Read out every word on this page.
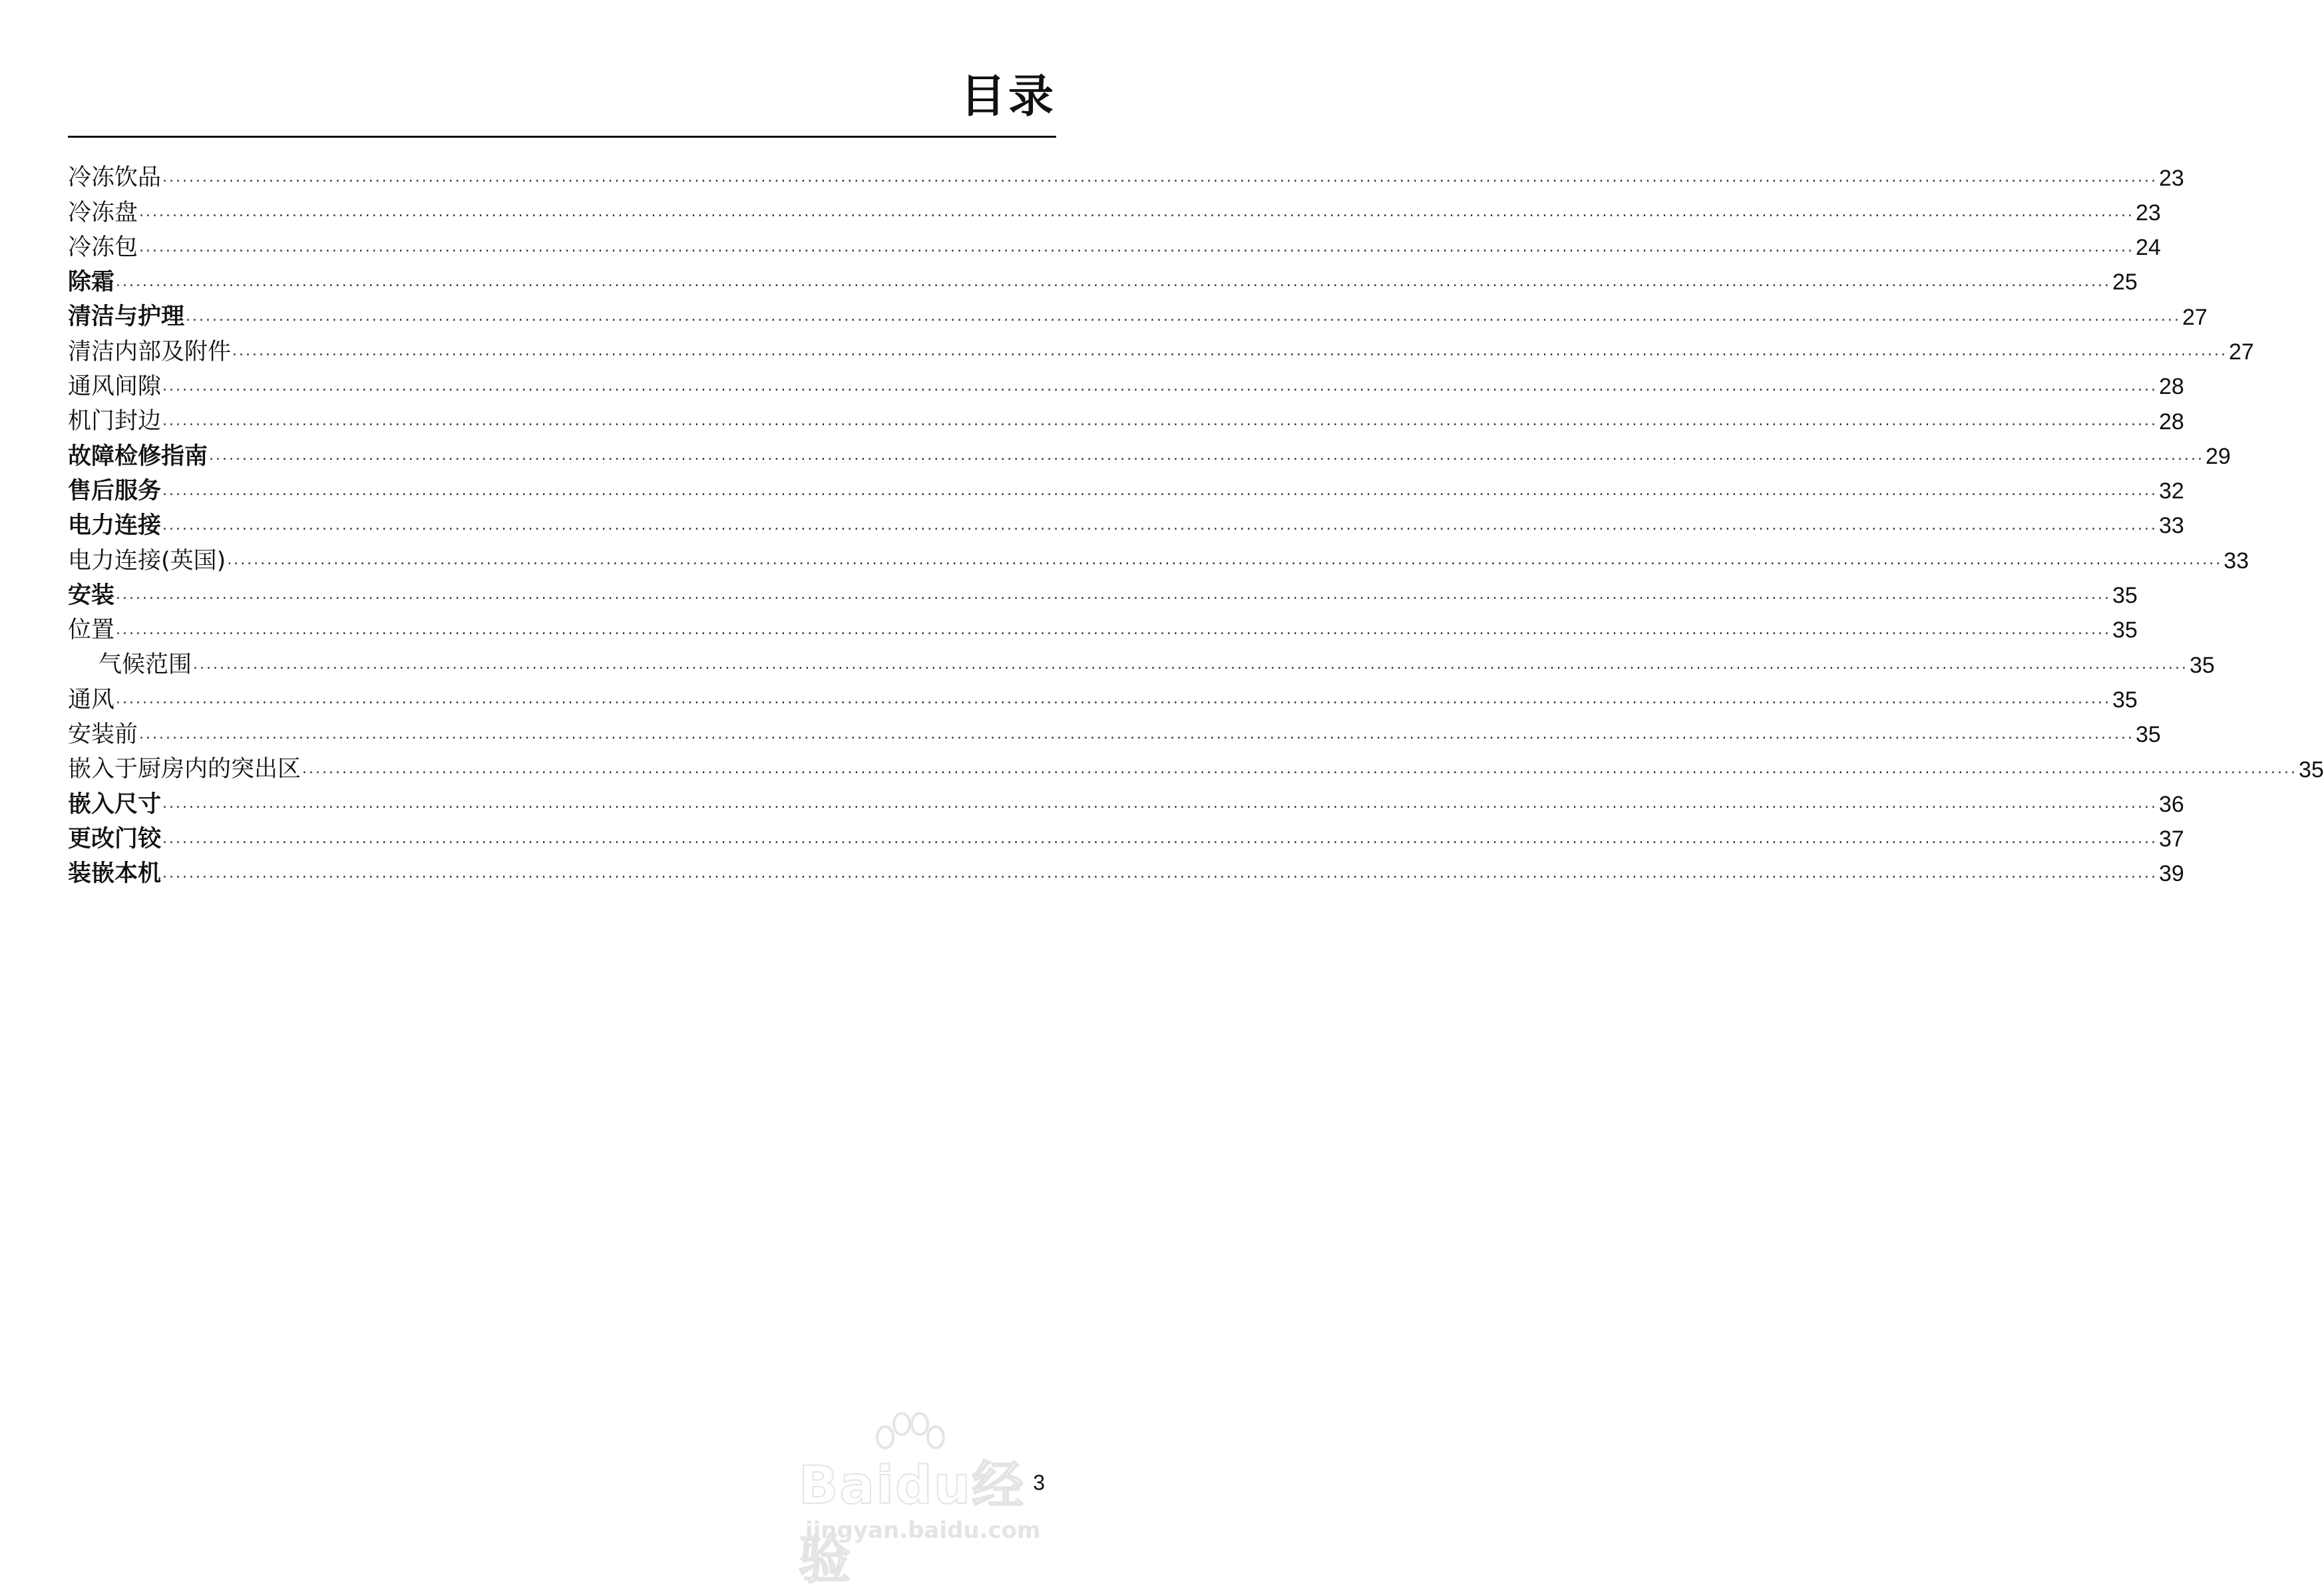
目录
冷冻饮品 ............................................................................................................................................................................................................................................................................................................ 23
冷冻盘 ............................................................................................................................................................................................................................................................................................................ 23
冷冻包 ............................................................................................................................................................................................................................................................................................................ 24
除霜 ............................................................................................................................................................................................................................................................................................................ 25
清洁与护理 ............................................................................................................................................................................................................................................................................................................ 27
清洁内部及附件 ............................................................................................................................................................................................................................................................................................................ 27
通风间隙 ............................................................................................................................................................................................................................................................................................................ 28
机门封边 ............................................................................................................................................................................................................................................................................................................ 28
故障检修指南 ............................................................................................................................................................................................................................................................................................................ 29
售后服务 ............................................................................................................................................................................................................................................................................................................ 32
电力连接 ............................................................................................................................................................................................................................................................................................................ 33
电力连接(英国) ............................................................................................................................................................................................................................................................................................................ 33
安装 ............................................................................................................................................................................................................................................................................................................ 35
位置 ............................................................................................................................................................................................................................................................................................................ 35
气候范围 ............................................................................................................................................................................................................................................................................................................ 35
通风 ............................................................................................................................................................................................................................................................................................................ 35
安装前 ............................................................................................................................................................................................................................................................................................................ 35
嵌入于厨房内的突出区 ............................................................................................................................................................................................................................................................................................................ 35
嵌入尺寸 ............................................................................................................................................................................................................................................................................................................ 36
更改门铰 ............................................................................................................................................................................................................................................................................................................ 37
装嵌本机 ............................................................................................................................................................................................................................................................................................................ 39
3
Baidu经验
jingyan.baidu.com
